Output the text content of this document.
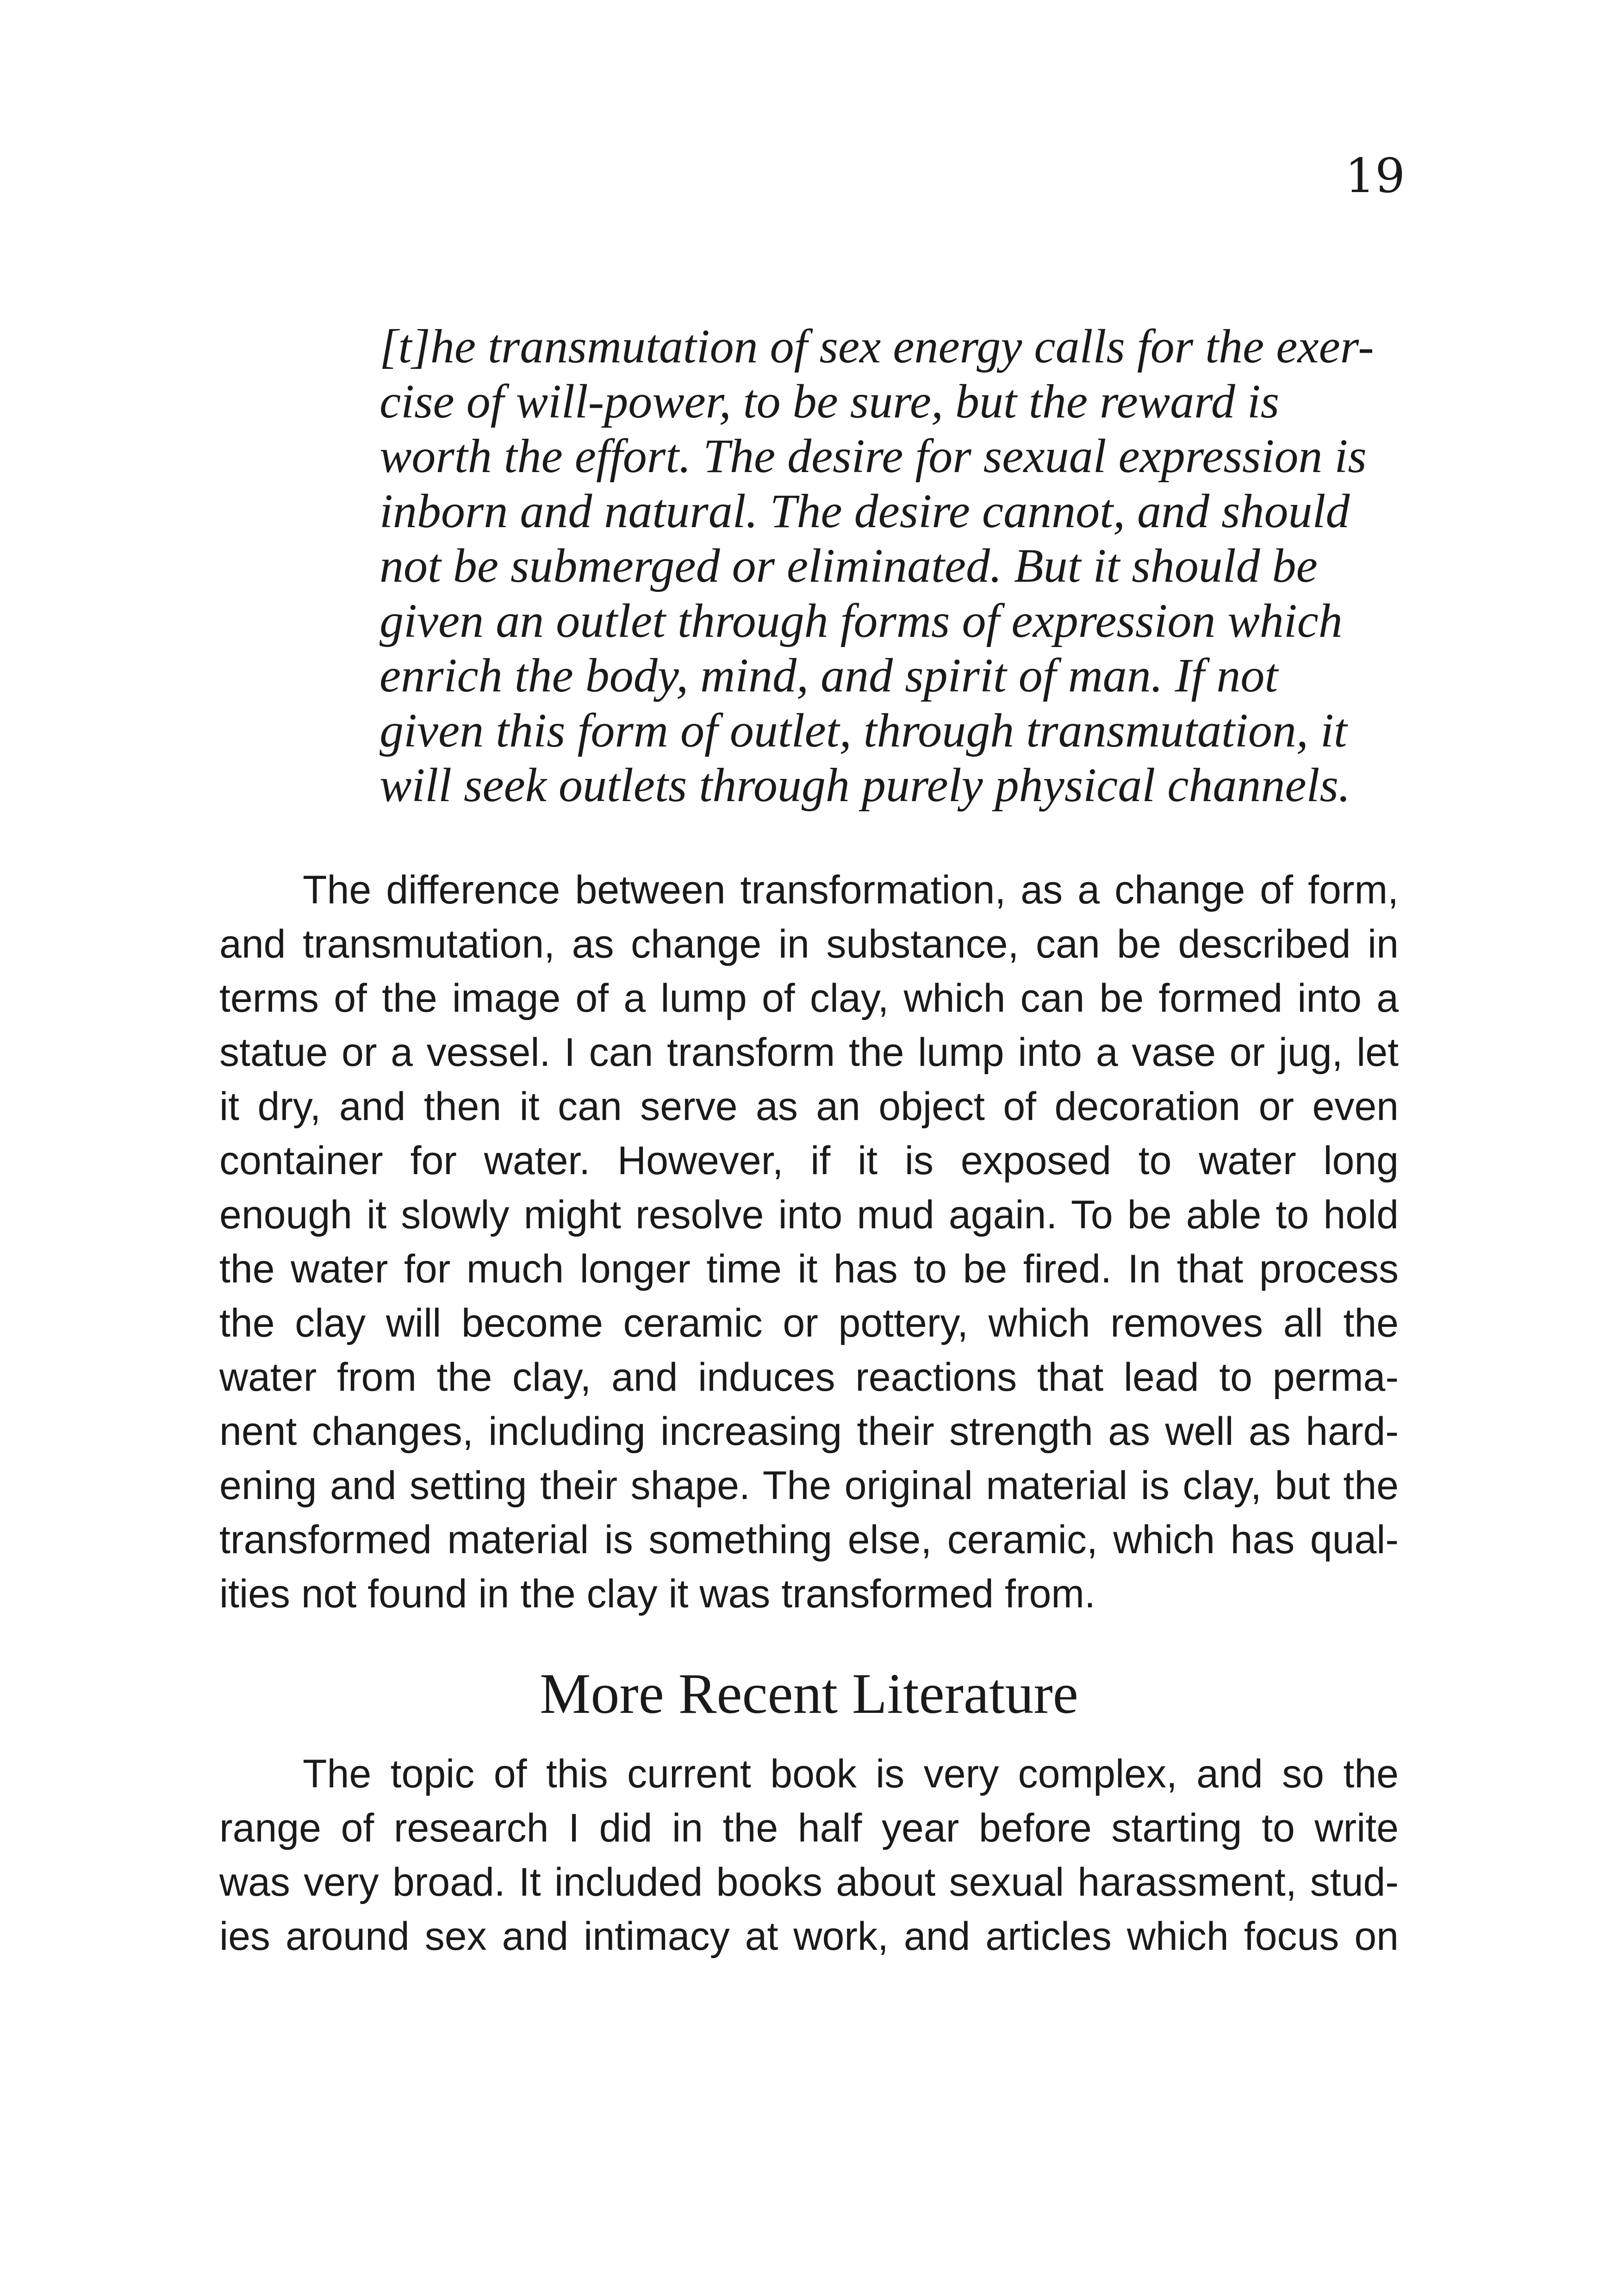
19
[t]he transmutation of sex energy calls for the exer-
cise of will-power, to be sure, but the reward is
worth the effort. The desire for sexual expression is
inborn and natural. The desire cannot, and should
not be submerged or eliminated. But it should be
given an outlet through forms of expression which
enrich the body, mind, and spirit of man. If not
given this form of outlet, through transmutation, it
will seek outlets through purely physical channels.
The difference between transformation, as a change of form,
and transmutation, as change in substance, can be described in
terms of the image of a lump of clay, which can be formed into a
statue or a vessel. I can transform the lump into a vase or jug, let
it dry, and then it can serve as an object of decoration or even
container for water. However, if it is exposed to water long
enough it slowly might resolve into mud again. To be able to hold
the water for much longer time it has to be fired. In that process
the clay will become ceramic or pottery, which removes all the
water from the clay, and induces reactions that lead to perma-
nent changes, including increasing their strength as well as hard-
ening and setting their shape. The original material is clay, but the
transformed material is something else, ceramic, which has qual-
ities not found in the clay it was transformed from.
More Recent Literature
The topic of this current book is very complex, and so the
range of research I did in the half year before starting to write
was very broad. It included books about sexual harassment, stud-
ies around sex and intimacy at work, and articles which focus on
